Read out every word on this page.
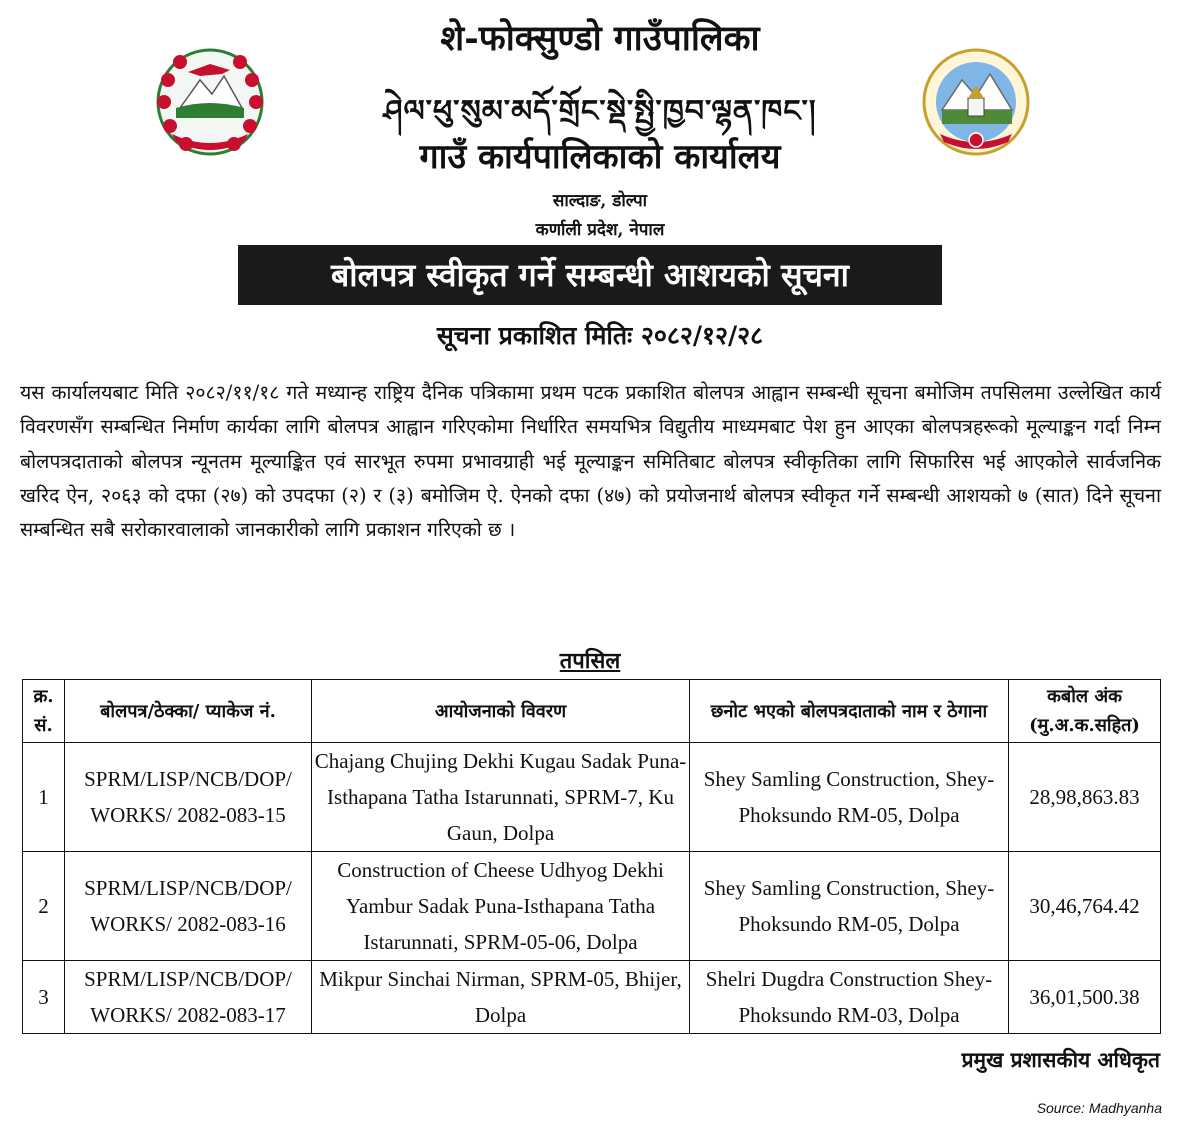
शे-फोक्सुण्डो गाउँपालिका
ཤེལ་ཕུ་སུམ་མདོ་གྲོང་སྡེ་སྤྱི་ཁྱབ་ལྷན་ཁང་།
गाउँ कार्यपालिकाको कार्यालय
साल्दाङ, डोल्पा
कर्णाली प्रदेश, नेपाल
बोलपत्र स्वीकृत गर्ने सम्बन्धी आशयको सूचना
सूचना प्रकाशित मितिः २०८२/१२/२८
यस कार्यालयबाट मिति २०८२/११/१८ गते मध्यान्ह राष्ट्रिय दैनिक पत्रिकामा प्रथम पटक प्रकाशित बोलपत्र आह्वान सम्बन्धी सूचना बमोजिम तपसिलमा उल्लेखित कार्य विवरणसँग सम्बन्धित निर्माण कार्यका लागि बोलपत्र आह्वान गरिएकोमा निर्धारित समयभित्र विद्युतीय माध्यमबाट पेश हुन आएका बोलपत्रहरूको मूल्याङ्कन गर्दा निम्न बोलपत्रदाताको बोलपत्र न्यूनतम मूल्याङ्कित एवं सारभूत रुपमा प्रभावग्राही भई मूल्याङ्कन समितिबाट बोलपत्र स्वीकृतिका लागि सिफारिस भई आएकोले सार्वजनिक खरिद ऐन, २०६३ को दफा (२७) को उपदफा (२) र (३) बमोजिम ऐ. ऐनको दफा (४७) को प्रयोजनार्थ बोलपत्र स्वीकृत गर्ने सम्बन्धी आशयको ७ (सात) दिने सूचना सम्बन्धित सबै सरोकारवालाको जानकारीको लागि प्रकाशन गरिएको छ ।
तपसिल
क्र. सं.	बोलपत्र/ठेक्का/ प्याकेज नं.	आयोजनाको विवरण	छनोट भएको बोलपत्रदाताको नाम र ठेगाना	कबोल अंक (मु.अ.क.सहित)
1	SPRM/LISP/NCB/DOP/ WORKS/ 2082-083-15	Chajang Chujing Dekhi Kugau Sadak Puna-Isthapana Tatha Istarunnati, SPRM-7, Ku Gaun, Dolpa	Shey Samling Construction, Shey-Phoksundo RM-05, Dolpa	28,98,863.83
2	SPRM/LISP/NCB/DOP/ WORKS/ 2082-083-16	Construction of Cheese Udhyog Dekhi Yambur Sadak Puna-Isthapana Tatha Istarunnati, SPRM-05-06, Dolpa	Shey Samling Construction, Shey-Phoksundo RM-05, Dolpa	30,46,764.42
3	SPRM/LISP/NCB/DOP/ WORKS/ 2082-083-17	Mikpur Sinchai Nirman, SPRM-05, Bhijer, Dolpa	Shelri Dugdra Construction Shey-Phoksundo RM-03, Dolpa	36,01,500.38
प्रमुख प्रशासकीय अधिकृत
Source: Madhyanha
